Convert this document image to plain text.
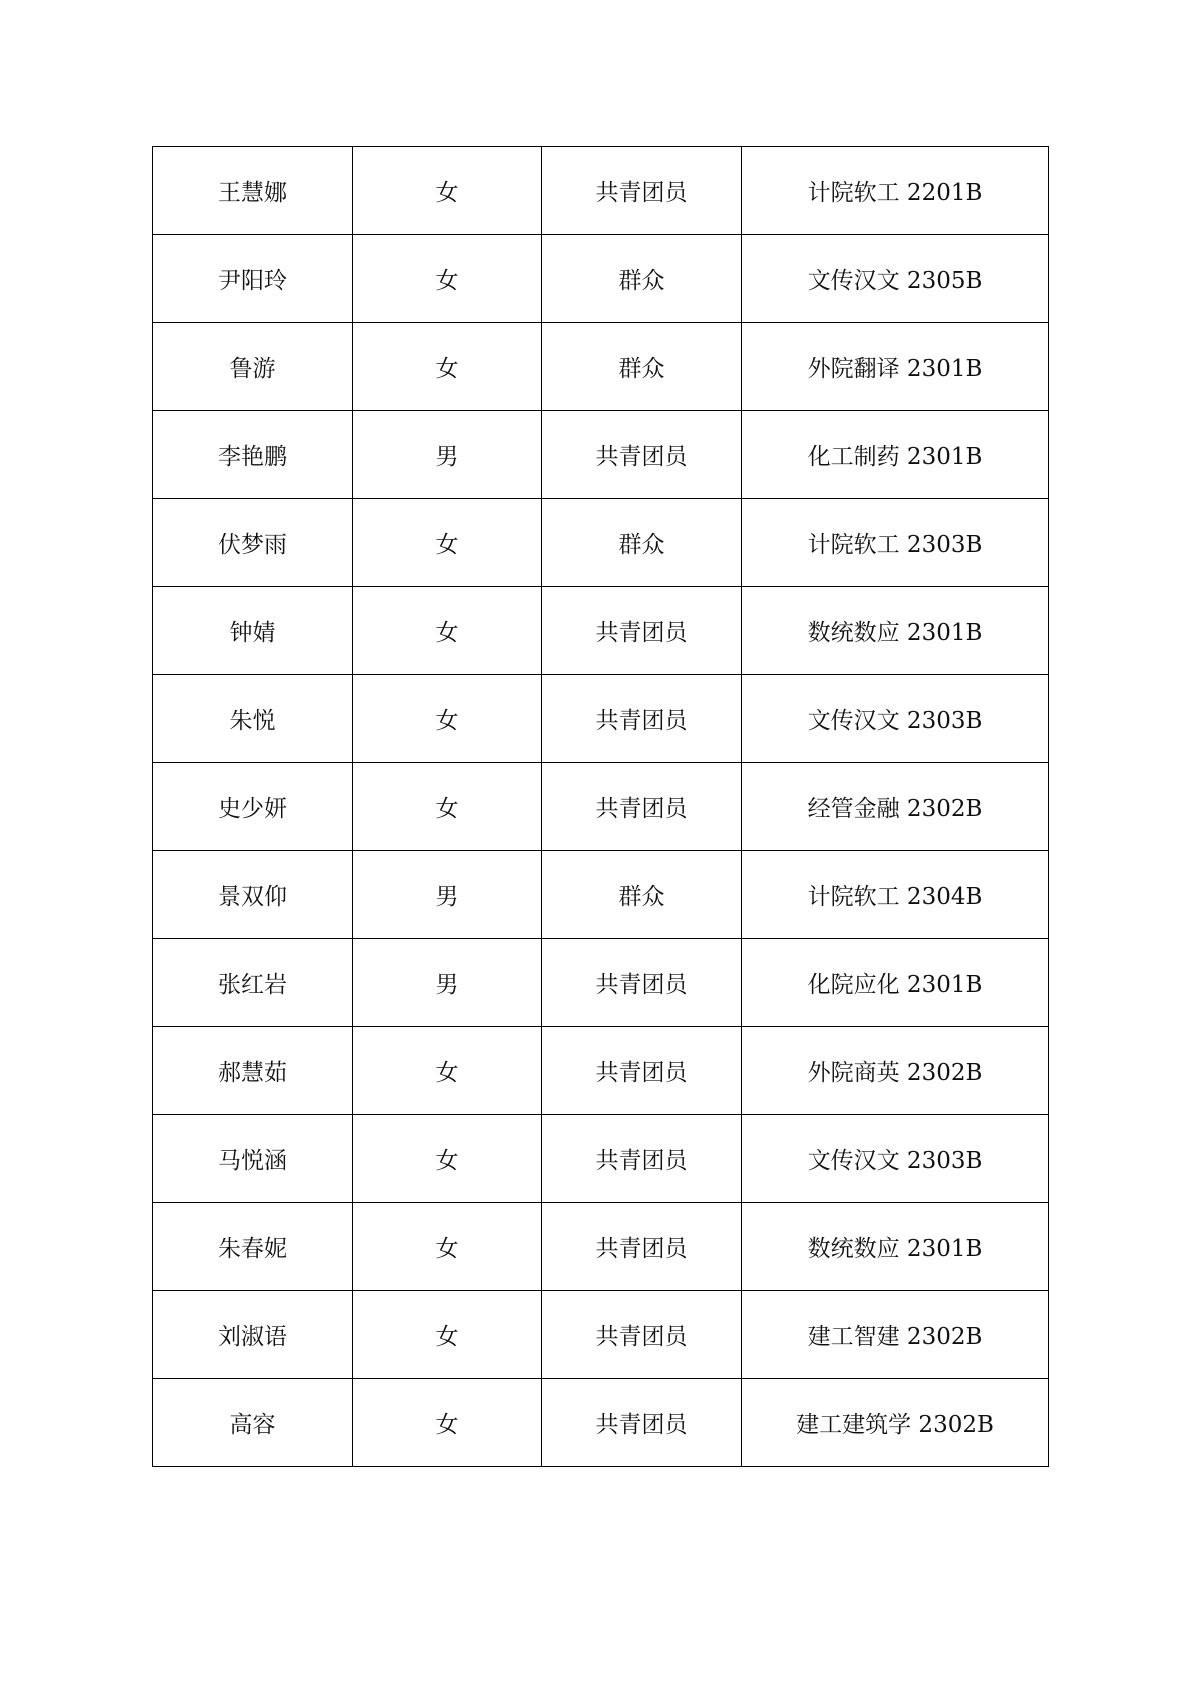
王慧娜	女	共青团员	计院软工 2201B
尹阳玲	女	群众	文传汉文 2305B
鲁游	女	群众	外院翻译 2301B
李艳鹏	男	共青团员	化工制药 2301B
伏梦雨	女	群众	计院软工 2303B
钟婧	女	共青团员	数统数应 2301B
朱悦	女	共青团员	文传汉文 2303B
史少妍	女	共青团员	经管金融 2302B
景双仰	男	群众	计院软工 2304B
张红岩	男	共青团员	化院应化 2301B
郝慧茹	女	共青团员	外院商英 2302B
马悦涵	女	共青团员	文传汉文 2303B
朱春妮	女	共青团员	数统数应 2301B
刘淑语	女	共青团员	建工智建 2302B
高容	女	共青团员	建工建筑学 2302B
